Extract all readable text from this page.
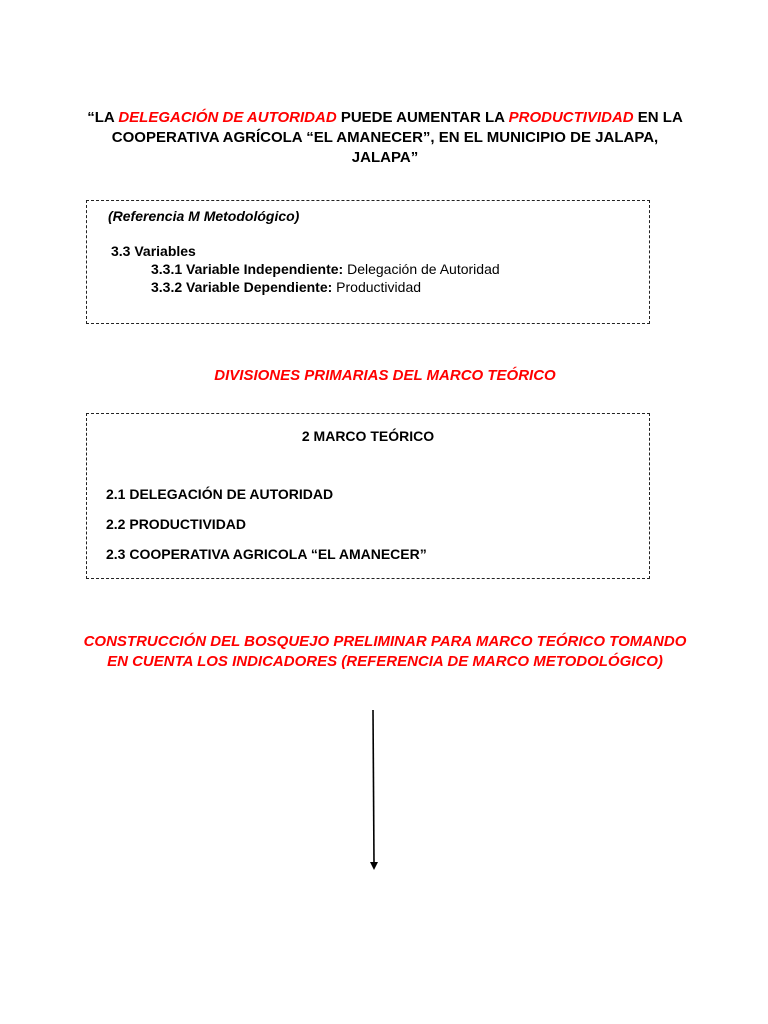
“LA DELEGACIÓN DE AUTORIDAD PUEDE AUMENTAR LA PRODUCTIVIDAD EN LA COOPERATIVA AGRÍCOLA “EL AMANECER”, EN EL MUNICIPIO DE JALAPA, JALAPA”
(Referencia M Metodológico)
3.3 Variables
3.3.1 Variable Independiente: Delegación de Autoridad
3.3.2 Variable Dependiente: Productividad
DIVISIONES PRIMARIAS DEL MARCO TEÓRICO
2 MARCO TEÓRICO
2.1 DELEGACIÓN DE AUTORIDAD
2.2 PRODUCTIVIDAD
2.3 COOPERATIVA AGRICOLA “EL AMANECER”
CONSTRUCCIÓN DEL BOSQUEJO PRELIMINAR PARA MARCO TEÓRICO TOMANDO EN CUENTA LOS INDICADORES (REFERENCIA DE MARCO METODOLÓGICO)
